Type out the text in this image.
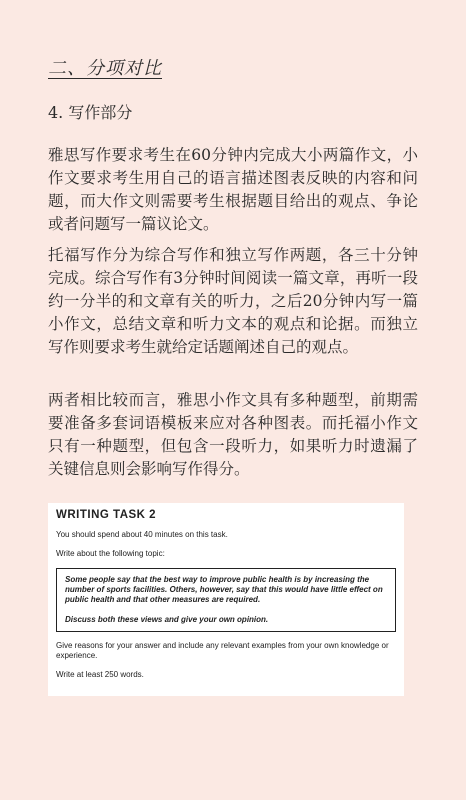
二、分项对比
4. 写作部分

雅思写作要求考生在60分钟内完成大小两篇作文，小作文要求考生用自己的语言描述图表反映的内容和问题，而大作文则需要考生根据题目给出的观点、争论或者问题写一篇议论文。

托福写作分为综合写作和独立写作两题，各三十分钟完成。综合写作有3分钟时间阅读一篇文章，再听一段约一分半的和文章有关的听力，之后20分钟内写一篇小作文，总结文章和听力文本的观点和论据。而独立写作则要求考生就给定话题阐述自己的观点。

两者相比较而言，雅思小作文具有多种题型，前期需要准备多套词语模板来应对各种图表。而托福小作文只有一种题型，但包含一段听力，如果听力时遗漏了关键信息则会影响写作得分。

WRITING TASK 2

You should spend about 40 minutes on this task.

Write about the following topic:

Some people say that the best way to improve public health is by increasing the number of sports facilities. Others, however, say that this would have little effect on public health and that other measures are required.

Discuss both these views and give your own opinion.

Give reasons for your answer and include any relevant examples from your own knowledge or experience.

Write at least 250 words.
